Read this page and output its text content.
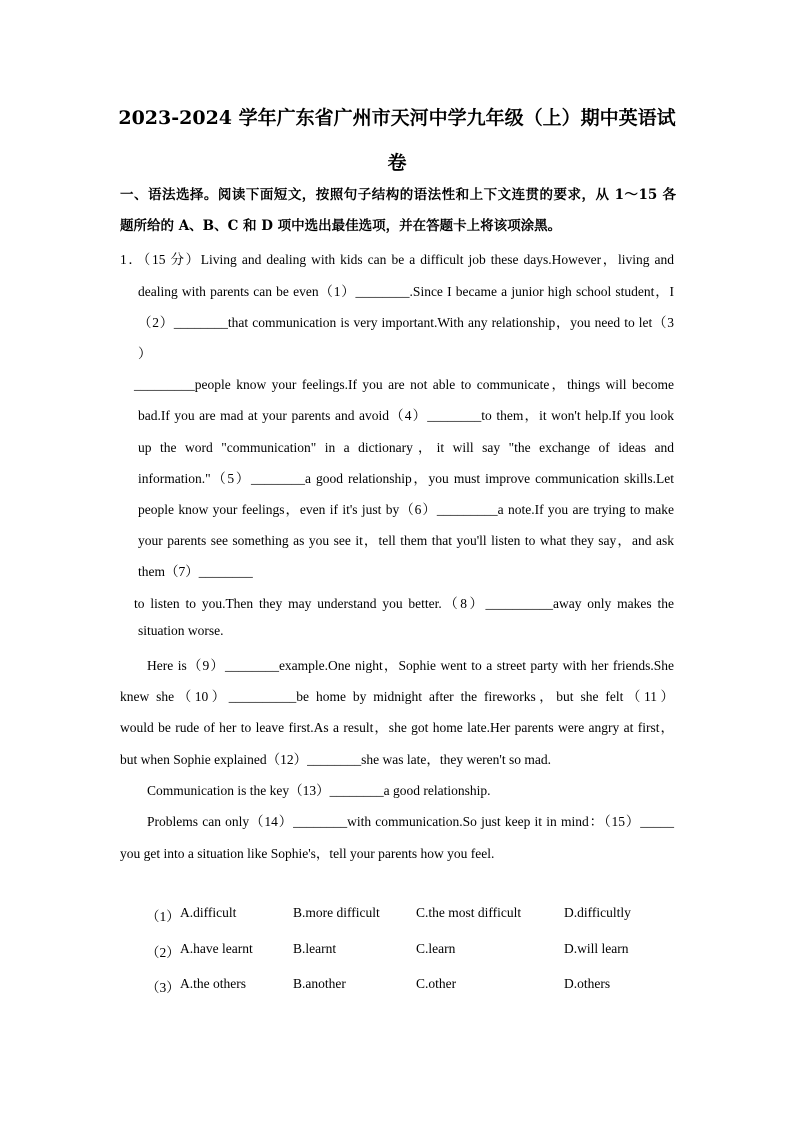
2023-2024 学年广东省广州市天河中学九年级（上）期中英语试
卷
一、语法选择。阅读下面短文，按照句子结构的语法性和上下文连贯的要求，从 1～15 各
题所给的 A、B、C 和 D 项中选出最佳选项，并在答题卡上将该项涂黑。
1．（15 分）Living and dealing with kids can be a difficult job these days.However，living and
dealing with parents can be even（1）________.Since I became a junior high school student，I
（2）________that communication is very important.With any relationship，you need to let（3
）
_________people know your feelings.If you are not able to communicate，things will become
bad.If you are mad at your parents and avoid（4）________to them，it won't help.If you look
up the word "communication" in a dictionary，it will say "the exchange of ideas and
information."（5）________a good relationship，you must improve communication skills.Let
people know your feelings，even if it's just by（6）_________a note.If you are trying to make
your parents see something as you see it，tell them that you'll listen to what they say，and ask
them（7）________
to listen to you.Then they may understand you better.（8）__________away only makes the
situation worse.
Here is（9）________example.One night，Sophie went to a street party with her friends.She
knew she（10）__________be home by midnight after the fireworks，but she felt（11）
would be rude of her to leave first.As a result，she got home late.Her parents were angry at first，
but when Sophie explained（12）________she was late，they weren't so mad.
Communication is the key（13）________a good relationship.
Problems can only（14）________with communication.So just keep it in mind：（15）_____
you get into a situation like Sophie's，tell your parents how you feel.
（1） A.difficult	B.more difficult	C.the most difficult	D.difficultly
（2） A.have learnt	B.learnt	C.learn	D.will learn
（3） A.the others	B.another	C.other	D.others
